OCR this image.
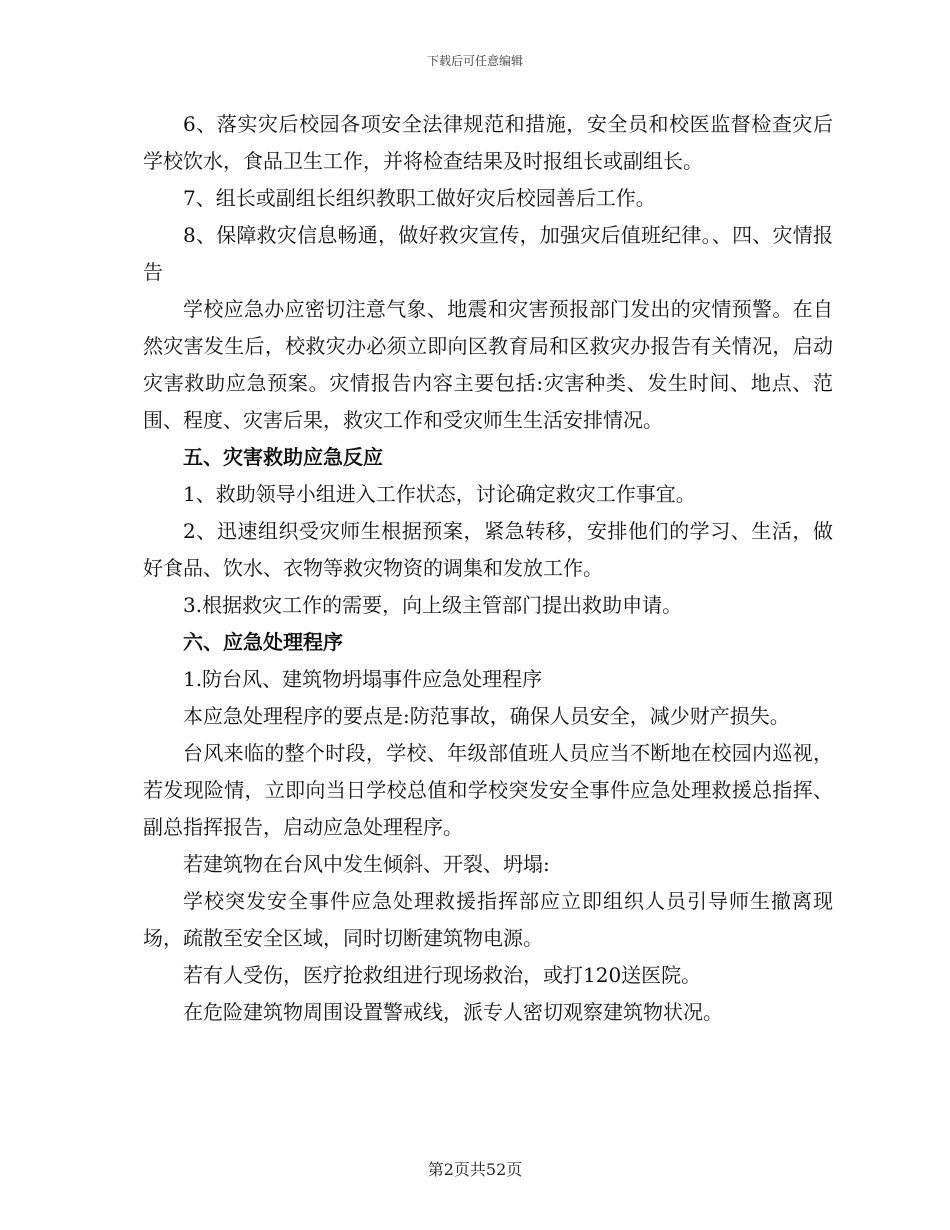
下载后可任意编辑

6、落实灾后校园各项安全法律规范和措施，安全员和校医监督检查灾后学校饮水，食品卫生工作，并将检查结果及时报组长或副组长。

7、组长或副组长组织教职工做好灾后校园善后工作。

8、保障救灾信息畅通，做好救灾宣传，加强灾后值班纪律。、四、灾情报告

学校应急办应密切注意气象、地震和灾害预报部门发出的灾情预警。在自然灾害发生后，校救灾办必须立即向区教育局和区救灾办报告有关情况，启动灾害救助应急预案。灾情报告内容主要包括:灾害种类、发生时间、地点、范围、程度、灾害后果，救灾工作和受灾师生生活安排情况。

五、灾害救助应急反应

1、救助领导小组进入工作状态，讨论确定救灾工作事宜。

2、迅速组织受灾师生根据预案，紧急转移，安排他们的学习、生活，做好食品、饮水、衣物等救灾物资的调集和发放工作。

3.根据救灾工作的需要，向上级主管部门提出救助申请。

六、应急处理程序

1.防台风、建筑物坍塌事件应急处理程序

本应急处理程序的要点是:防范事故，确保人员安全，减少财产损失。

台风来临的整个时段，学校、年级部值班人员应当不断地在校园内巡视，若发现险情，立即向当日学校总值和学校突发安全事件应急处理救援总指挥、副总指挥报告，启动应急处理程序。

若建筑物在台风中发生倾斜、开裂、坍塌:

学校突发安全事件应急处理救援指挥部应立即组织人员引导师生撤离现场，疏散至安全区域，同时切断建筑物电源。

若有人受伤，医疗抢救组进行现场救治，或打120送医院。

在危险建筑物周围设置警戒线，派专人密切观察建筑物状况。

第2页共52页
